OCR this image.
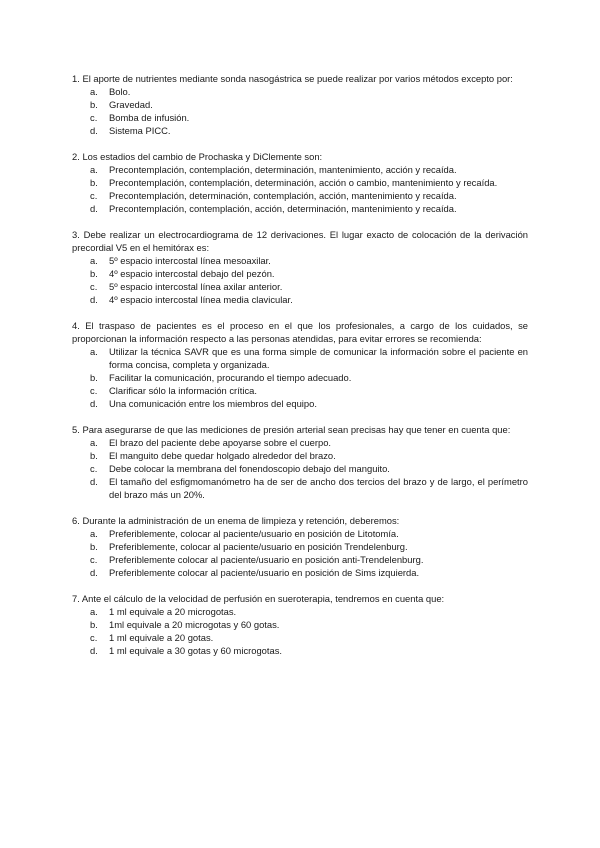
1. El aporte de nutrientes mediante sonda nasogástrica se puede realizar por varios métodos excepto por:

a. Bolo.
b. Gravedad.
c. Bomba de infusión.
d. Sistema PICC.

2. Los estadios del cambio de Prochaska y DiClemente son:

a. Precontemplación, contemplación, determinación, mantenimiento, acción y recaída.
b. Precontemplación, contemplación, determinación, acción o cambio, mantenimiento y recaída.
c. Precontemplación, determinación, contemplación, acción, mantenimiento y recaída.
d. Precontemplación, contemplación, acción, determinación, mantenimiento y recaída.

3. Debe realizar un electrocardiograma de 12 derivaciones. El lugar exacto de colocación de la derivación precordial V5 en el hemitórax es:

a. 5º espacio intercostal línea mesoaxilar.
b. 4º espacio intercostal debajo del pezón.
c. 5º espacio intercostal línea axilar anterior.
d. 4º espacio intercostal línea media clavicular.

4. El traspaso de pacientes es el proceso en el que los profesionales, a cargo de los cuidados, se proporcionan la información respecto a las personas atendidas, para evitar errores se recomienda:

a. Utilizar la técnica SAVR que es una forma simple de comunicar la información sobre el paciente en forma concisa, completa y organizada.
b. Facilitar la comunicación, procurando el tiempo adecuado.
c. Clarificar sólo la información crítica.
d. Una comunicación entre los miembros del equipo.

5. Para asegurarse de que las mediciones de presión arterial sean precisas hay que tener en cuenta que:

a. El brazo del paciente debe apoyarse sobre el cuerpo.
b. El manguito debe quedar holgado alrededor del brazo.
c. Debe colocar la membrana del fonendoscopio debajo del manguito.
d. El tamaño del esfigmomanómetro ha de ser de ancho dos tercios del brazo y de largo, el perímetro del brazo más un 20%.

6. Durante la administración de un enema de limpieza y retención, deberemos:

a. Preferiblemente, colocar al paciente/usuario en posición de Litotomía.
b. Preferiblemente, colocar al paciente/usuario en posición Trendelenburg.
c. Preferiblemente colocar al paciente/usuario en posición anti-Trendelenburg.
d. Preferiblemente colocar al paciente/usuario en posición de Sims izquierda.

7. Ante el cálculo de la velocidad de perfusión en sueroterapia, tendremos en cuenta que:

a. 1 ml equivale a 20 microgotas.
b. 1ml equivale a 20 microgotas y 60 gotas.
c. 1 ml equivale a 20 gotas.
d. 1 ml equivale a 30 gotas y 60 microgotas.
